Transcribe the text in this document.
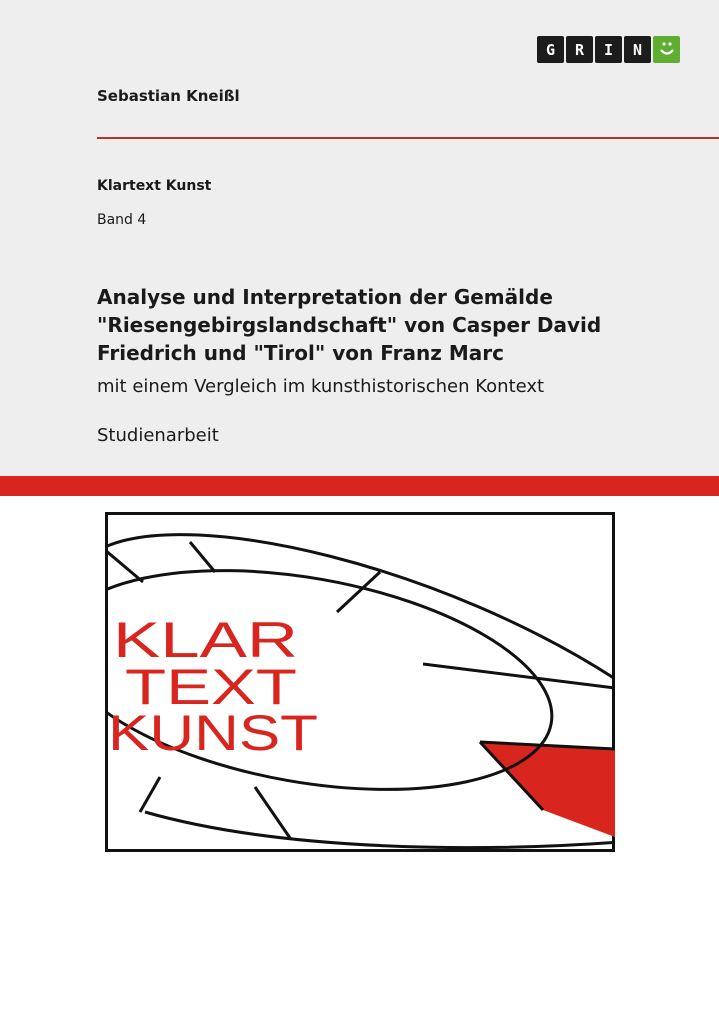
G	R	I	N
Sebastian Kneißl
Klartext Kunst
Band 4
Analyse und Interpretation der Gemälde "Riesengebirgslandschaft" von Casper David Friedrich und "Tirol" von Franz Marc
mit einem Vergleich im kunsthistorischen Kontext
Studienarbeit
KLAR
TEXT
KUNST
